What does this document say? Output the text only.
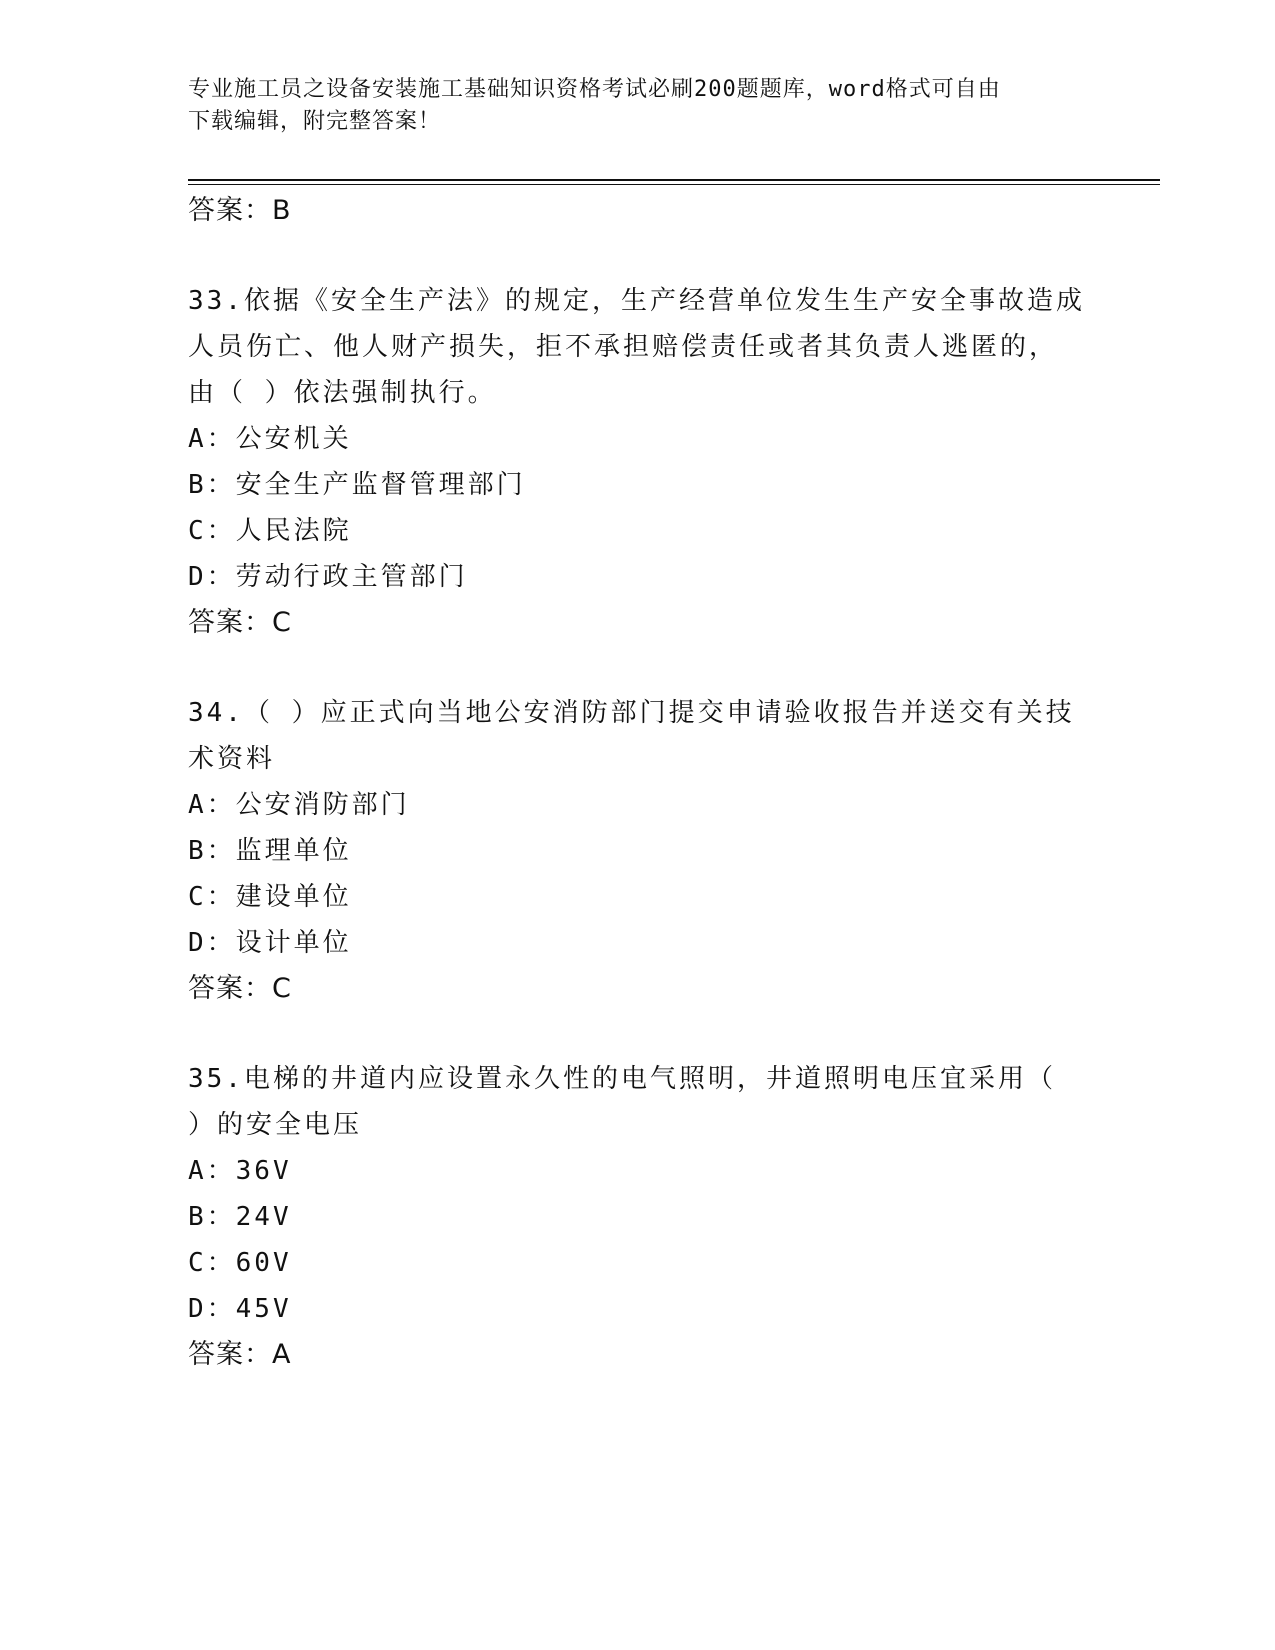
专业施工员之设备安装施工基础知识资格考试必刷200题题库，word格式可自由
下载编辑，附完整答案！
答案：B
33.依据《安全生产法》的规定，生产经营单位发生生产安全事故造成
人员伤亡、他人财产损失，拒不承担赔偿责任或者其负责人逃匿的，
由（ ）依法强制执行。
A：公安机关
B：安全生产监督管理部门
C：人民法院
D：劳动行政主管部门
答案：C
34.（ ）应正式向当地公安消防部门提交申请验收报告并送交有关技
术资料
A：公安消防部门
B：监理单位
C：建设单位
D：设计单位
答案：C
35.电梯的井道内应设置永久性的电气照明，井道照明电压宜采用（
）的安全电压
A：36V
B：24V
C：60V
D：45V
答案：A
